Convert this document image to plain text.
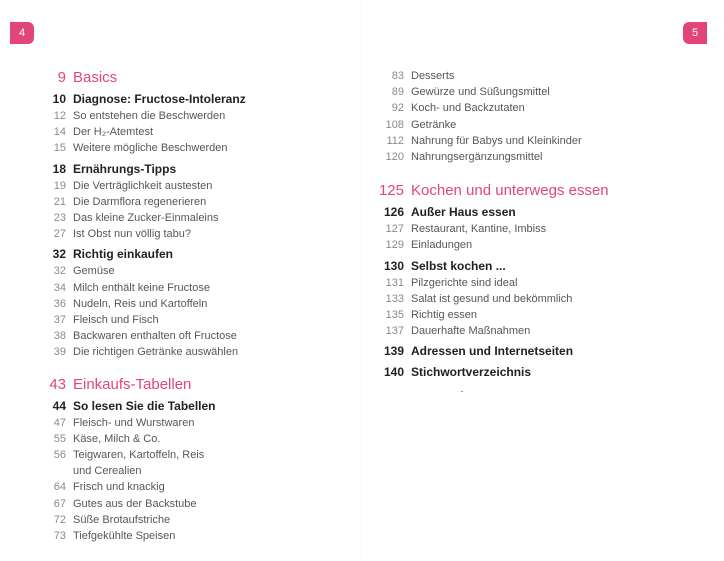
4	5
9 Basics
10 Diagnose: Fructose-Intoleranz
12 So entstehen die Beschwerden
14 Der H₂-Atemtest
15 Weitere mögliche Beschwerden
18 Ernährungs-Tipps
19 Die Verträglichkeit austesten
21 Die Darmflora regenerieren
23 Das kleine Zucker-Einmaleins
27 Ist Obst nun völlig tabu?
32 Richtig einkaufen
32 Gemüse
34 Milch enthält keine Fructose
36 Nudeln, Reis und Kartoffeln
37 Fleisch und Fisch
38 Backwaren enthalten oft Fructose
39 Die richtigen Getränke auswählen
43 Einkaufs-Tabellen
44 So lesen Sie die Tabellen
47 Fleisch- und Wurstwaren
55 Käse, Milch & Co.
56 Teigwaren, Kartoffeln, Reis
und Cerealien
64 Frisch und knackig
67 Gutes aus der Backstube
72 Süße Brotaufstriche
73 Tiefgekühlte Speisen
83 Desserts
89 Gewürze und Süßungsmittel
92 Koch- und Backzutaten
108 Getränke
112 Nahrung für Babys und Kleinkinder
120 Nahrungsergänzungsmittel
125 Kochen und unterwegs essen
126 Außer Haus essen
127 Restaurant, Kantine, Imbiss
129 Einladungen
130 Selbst kochen ...
131 Pilzgerichte sind ideal
133 Salat ist gesund und bekömmlich
135 Richtig essen
137 Dauerhafte Maßnahmen
139 Adressen und Internetseiten
140 Stichwortverzeichnis
